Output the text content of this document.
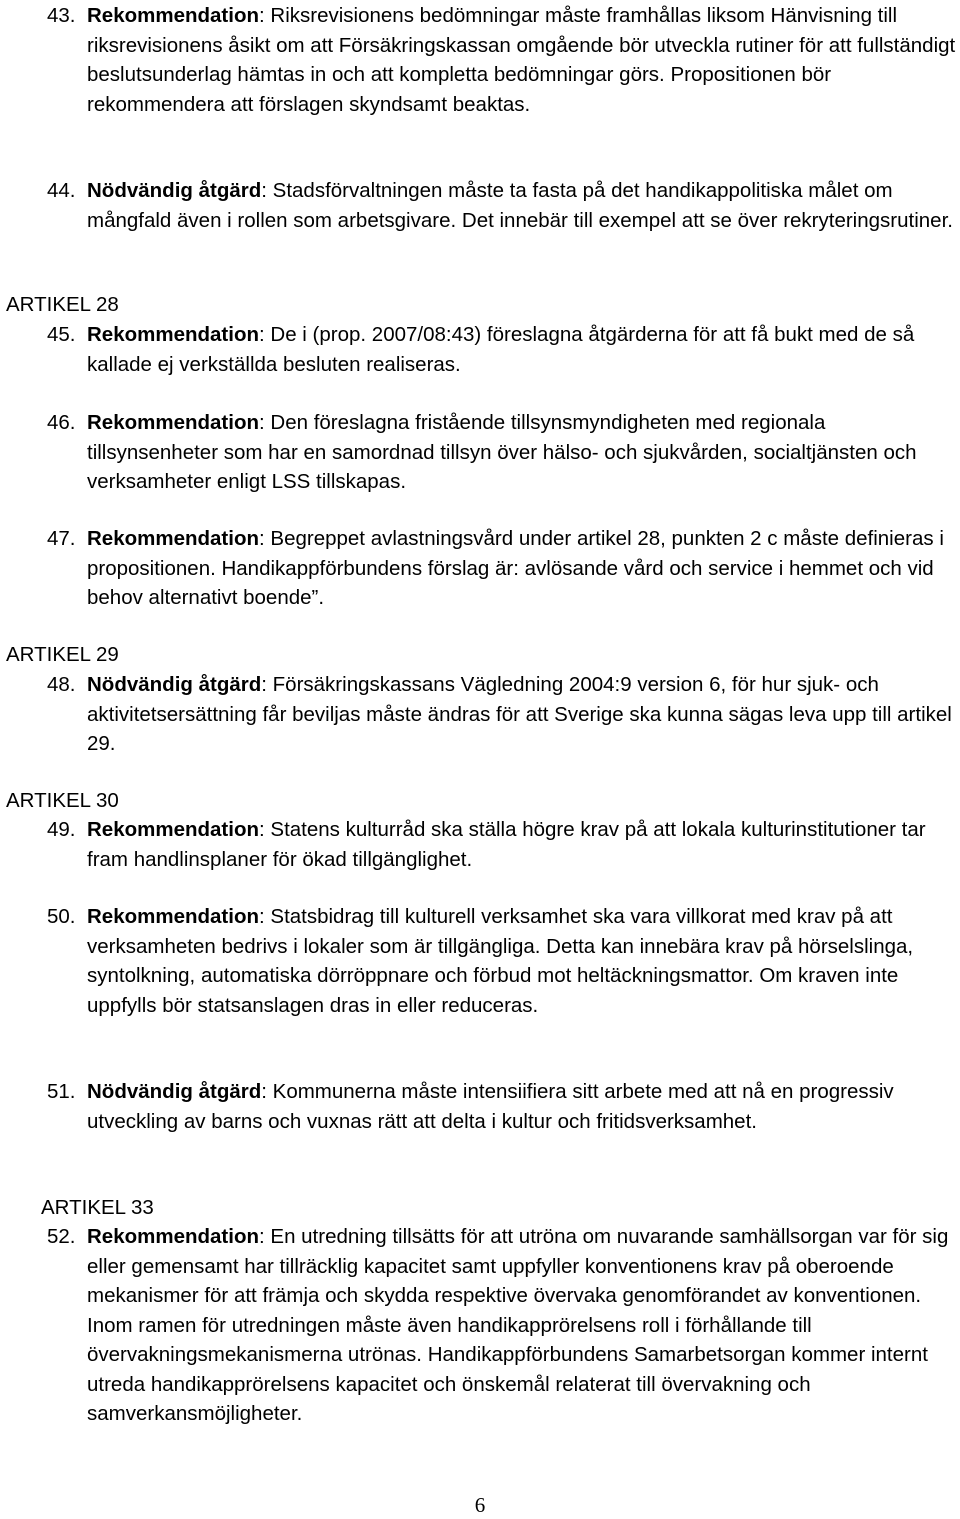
43. Rekommendation: Riksrevisionens bedömningar måste framhållas liksom Hänvisning till riksrevisionens åsikt om att Försäkringskassan omgående bör utveckla rutiner för att fullständigt beslutsunderlag hämtas in och att kompletta bedömningar görs. Propositionen bör rekommendera att förslagen skyndsamt beaktas.
44. Nödvändig åtgärd: Stadsförvaltningen måste ta fasta på det handikappolitiska målet om mångfald även i rollen som arbetsgivare. Det innebär till exempel att se över rekryteringsrutiner.
ARTIKEL 28
45. Rekommendation: De i (prop. 2007/08:43) föreslagna åtgärderna för att få bukt med de så kallade ej verkställda besluten realiseras.
46. Rekommendation: Den föreslagna fristående tillsynsmyndigheten med regionala tillsynsenheter som har en samordnad tillsyn över hälso- och sjukvården, socialtjänsten och verksamheter enligt LSS tillskapas.
47. Rekommendation: Begreppet avlastningsvård under artikel 28, punkten 2 c måste definieras i propositionen. Handikappförbundens förslag är: avlösande vård och service i hemmet och vid behov alternativt boende”.
ARTIKEL 29
48. Nödvändig åtgärd: Försäkringskassans Vägledning 2004:9 version 6, för hur sjuk- och aktivitetsersättning får beviljas måste ändras för att Sverige ska kunna sägas leva upp till artikel 29.
ARTIKEL 30
49. Rekommendation: Statens kulturråd ska ställa högre krav på att lokala kulturinstitutioner tar fram handlinsplaner för ökad tillgänglighet.
50. Rekommendation: Statsbidrag till kulturell verksamhet ska vara villkorat med krav på att verksamheten bedrivs i lokaler som är tillgängliga. Detta kan innebära krav på hörselslinga, syntolkning, automatiska dörröppnare och förbud mot heltäckningsmattor. Om kraven inte uppfylls bör statsanslagen dras in eller reduceras.
51. Nödvändig åtgärd: Kommunerna måste intensiifiera sitt arbete med att nå en progressiv utveckling av barns och vuxnas rätt att delta i kultur och fritidsverksamhet.
ARTIKEL 33
52. Rekommendation: En utredning tillsätts för att utröna om nuvarande samhällsorgan var för sig eller gemensamt har tillräcklig kapacitet samt uppfyller konventionens krav på oberoende mekanismer för att främja och skydda respektive övervaka genomförandet av konventionen. Inom ramen för utredningen måste även handikapprörelsens roll i förhållande till övervakningsmekanismerna utrönas. Handikappförbundens Samarbetsorgan kommer internt utreda handikapprörelsens kapacitet och önskemål relaterat till övervakning och samverkansmöjligheter.
6
